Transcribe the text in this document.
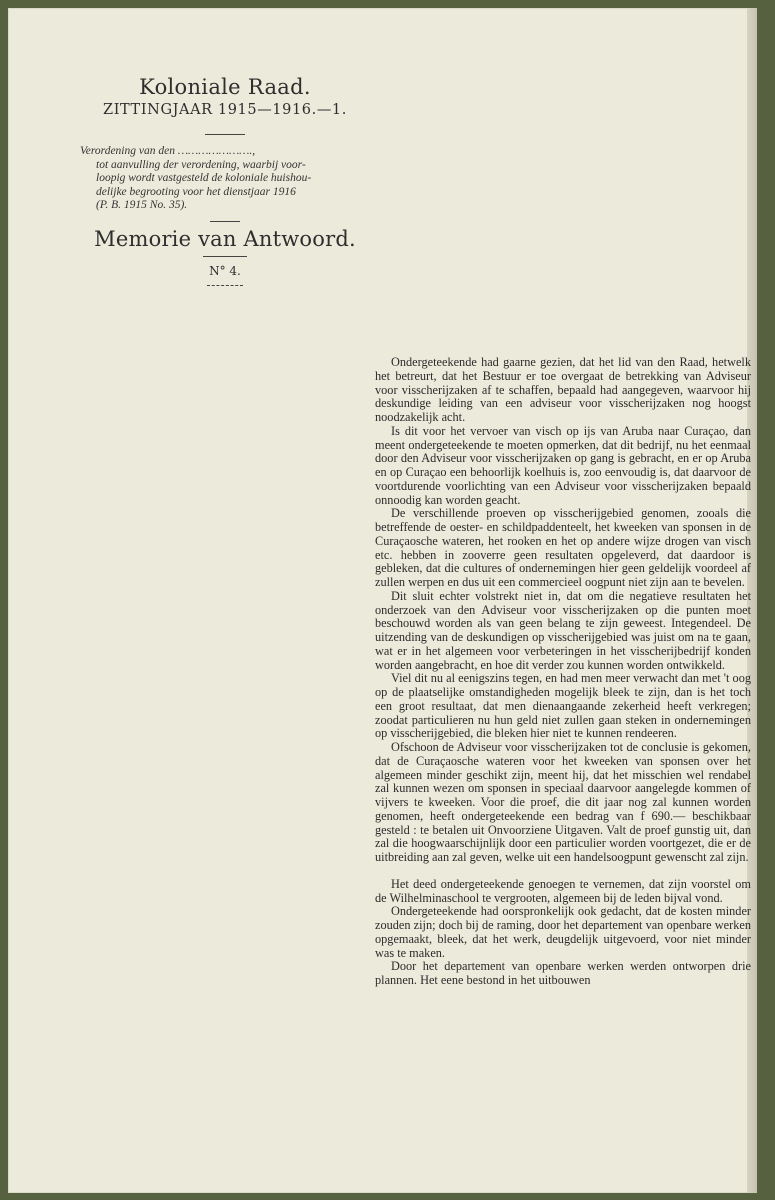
Koloniale Raad.
ZITTINGJAAR 1915—1916.—1.
Verordening van den ………………….,
tot aanvulling der verordening, waarbij voor-
loopig wordt vastgesteld de koloniale huishou-
delijke begrooting voor het dienstjaar 1916
(P. B. 1915 No. 35).
Memorie van Antwoord.
N° 4.

Ondergeteekende had gaarne gezien, dat het lid van den Raad, hetwelk het betreurt, dat het Bestuur er toe overgaat de betrekking van Adviseur voor visscherijzaken af te schaffen, bepaald had aangegeven, waarvoor hij deskundige leiding van een adviseur voor visscherijzaken nog hoogst noodzakelijk acht.

Is dit voor het vervoer van visch op ijs van Aruba naar Curaçao, dan meent ondergeteekende te moeten opmerken, dat dit bedrijf, nu het eenmaal door den Adviseur voor visscherijzaken op gang is gebracht, en er op Aruba en op Curaçao een behoorlijk koelhuis is, zoo eenvoudig is, dat daarvoor de voortdurende voorlichting van een Adviseur voor visscherijzaken bepaald onnoodig kan worden geacht.

De verschillende proeven op visscherijgebied genomen, zooals die betreffende de oester- en schildpaddenteelt, het kweeken van sponsen in de Curaçaosche wateren, het rooken en het op andere wijze drogen van visch etc. hebben in zooverre geen resultaten opgeleverd, dat daardoor is gebleken, dat die cultures of ondernemingen hier geen geldelijk voordeel af zullen werpen en dus uit een commercieel oogpunt niet zijn aan te bevelen.

Dit sluit echter volstrekt niet in, dat om die negatieve resultaten het onderzoek van den Adviseur voor visscherijzaken op die punten moet beschouwd worden als van geen belang te zijn geweest. Integendeel. De uitzending van de deskundigen op visscherijgebied was juist om na te gaan, wat er in het algemeen voor verbeteringen in het visscherijbedrijf konden worden aangebracht, en hoe dit verder zou kunnen worden ontwikkeld.

Viel dit nu al eenigszins tegen, en had men meer verwacht dan met 't oog op de plaatselijke omstandigheden mogelijk bleek te zijn, dan is het toch een groot resultaat, dat men dienaangaande zekerheid heeft verkregen; zoodat particulieren nu hun geld niet zullen gaan steken in ondernemingen op visscherijgebied, die bleken hier niet te kunnen rendeeren.

Ofschoon de Adviseur voor visscherijzaken tot de conclusie is gekomen, dat de Curaçaosche wateren voor het kweeken van sponsen over het algemeen minder geschikt zijn, meent hij, dat het misschien wel rendabel zal kunnen wezen om sponsen in speciaal daarvoor aangelegde kommen of vijvers te kweeken. Voor die proef, die dit jaar nog zal kunnen worden genomen, heeft ondergeteekende een bedrag van f 690.— beschikbaar gesteld : te betalen uit Onvoorziene Uitgaven. Valt de proef gunstig uit, dan zal die hoogwaarschijnlijk door een particulier worden voortgezet, die er de uitbreiding aan zal geven, welke uit een handelsoogpunt gewenscht zal zijn.

Het deed ondergeteekende genoegen te vernemen, dat zijn voorstel om de Wilhelminaschool te vergrooten, algemeen bij de leden bijval vond.

Ondergeteekende had oorspronkelijk ook gedacht, dat de kosten minder zouden zijn; doch bij de raming, door het departement van openbare werken opgemaakt, bleek, dat het werk, deugdelijk uitgevoerd, voor niet minder was te maken.

Door het departement van openbare werken werden ontworpen drie plannen. Het eene bestond in het uitbouwen
